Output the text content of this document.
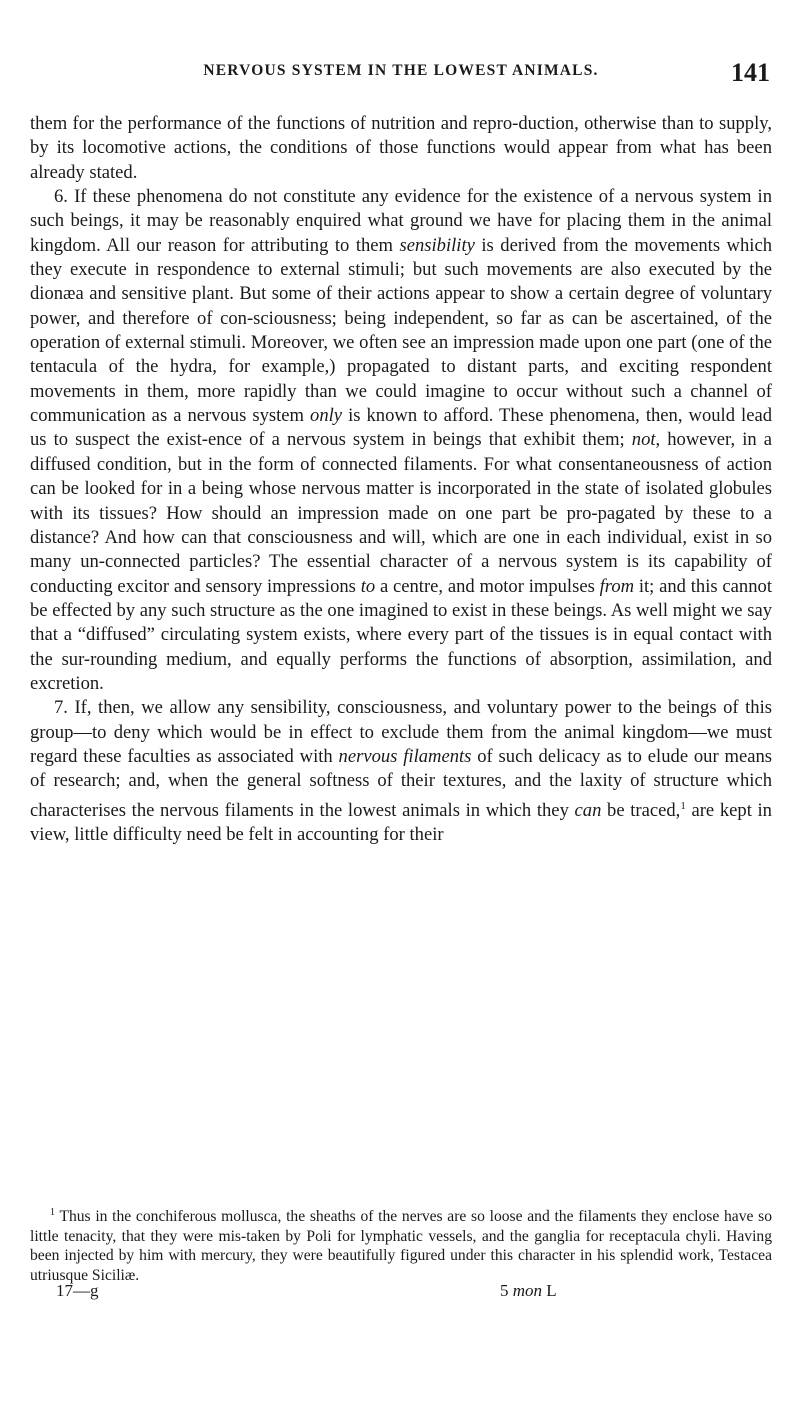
NERVOUS SYSTEM IN THE LOWEST ANIMALS.	141

them for the performance of the functions of nutrition and repro-duction, otherwise than to supply, by its locomotive actions, the conditions of those functions would appear from what has been already stated.

6. If these phenomena do not constitute any evidence for the existence of a nervous system in such beings, it may be reasonably enquired what ground we have for placing them in the animal kingdom. All our reason for attributing to them sensibility is derived from the movements which they execute in respondence to external stimuli; but such movements are also executed by the dionæa and sensitive plant. But some of their actions appear to show a certain degree of voluntary power, and therefore of con-sciousness; being independent, so far as can be ascertained, of the operation of external stimuli. Moreover, we often see an impression made upon one part (one of the tentacula of the hydra, for example,) propagated to distant parts, and exciting respondent movements in them, more rapidly than we could imagine to occur without such a channel of communication as a nervous system only is known to afford. These phenomena, then, would lead us to suspect the exist-ence of a nervous system in beings that exhibit them; not, however, in a diffused condition, but in the form of connected filaments. For what consentaneousness of action can be looked for in a being whose nervous matter is incorporated in the state of isolated globules with its tissues? How should an impression made on one part be pro-pagated by these to a distance? And how can that consciousness and will, which are one in each individual, exist in so many un-connected particles? The essential character of a nervous system is its capability of conducting excitor and sensory impressions to a centre, and motor impulses from it; and this cannot be effected by any such structure as the one imagined to exist in these beings. As well might we say that a “diffused” circulating system exists, where every part of the tissues is in equal contact with the sur-rounding medium, and equally performs the functions of absorption, assimilation, and excretion.

7. If, then, we allow any sensibility, consciousness, and voluntary power to the beings of this group—to deny which would be in effect to exclude them from the animal kingdom—we must regard these faculties as associated with nervous filaments of such delicacy as to elude our means of research; and, when the general softness of their textures, and the laxity of structure which characterises the nervous filaments in the lowest animals in which they can be traced,$^1$ are kept in view, little difficulty need be felt in accounting for their

$^1$ Thus in the conchiferous mollusca, the sheaths of the nerves are so loose and the filaments they enclose have so little tenacity, that they were mis-taken by Poli for lymphatic vessels, and the ganglia for receptacula chyli. Having been injected by him with mercury, they were beautifully figured under this character in his splendid work, Testacea utriusque Siciliæ.

17—g	5 mon L
